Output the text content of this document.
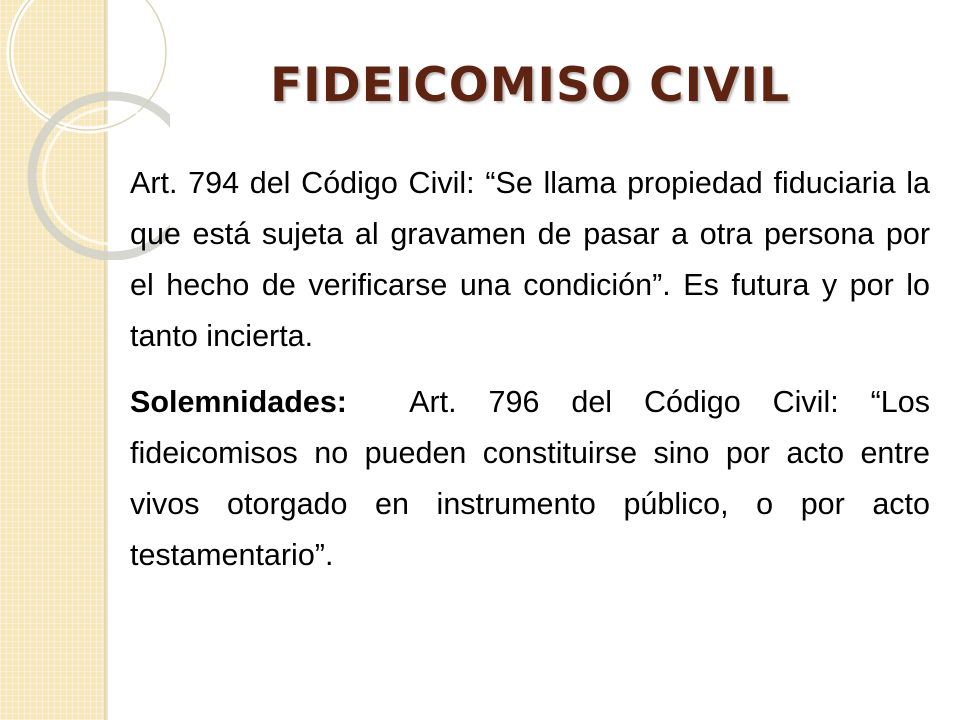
FIDEICOMISO CIVIL

Art. 794 del Código Civil: “Se llama propiedad fiduciaria la que está sujeta al gravamen de pasar a otra persona por el hecho de verificarse una condición”. Es futura y por lo tanto incierta.

Solemnidades:  Art. 796 del Código Civil: “Los fideicomisos no pueden constituirse sino por acto entre vivos otorgado en instrumento público, o por acto testamentario”.
